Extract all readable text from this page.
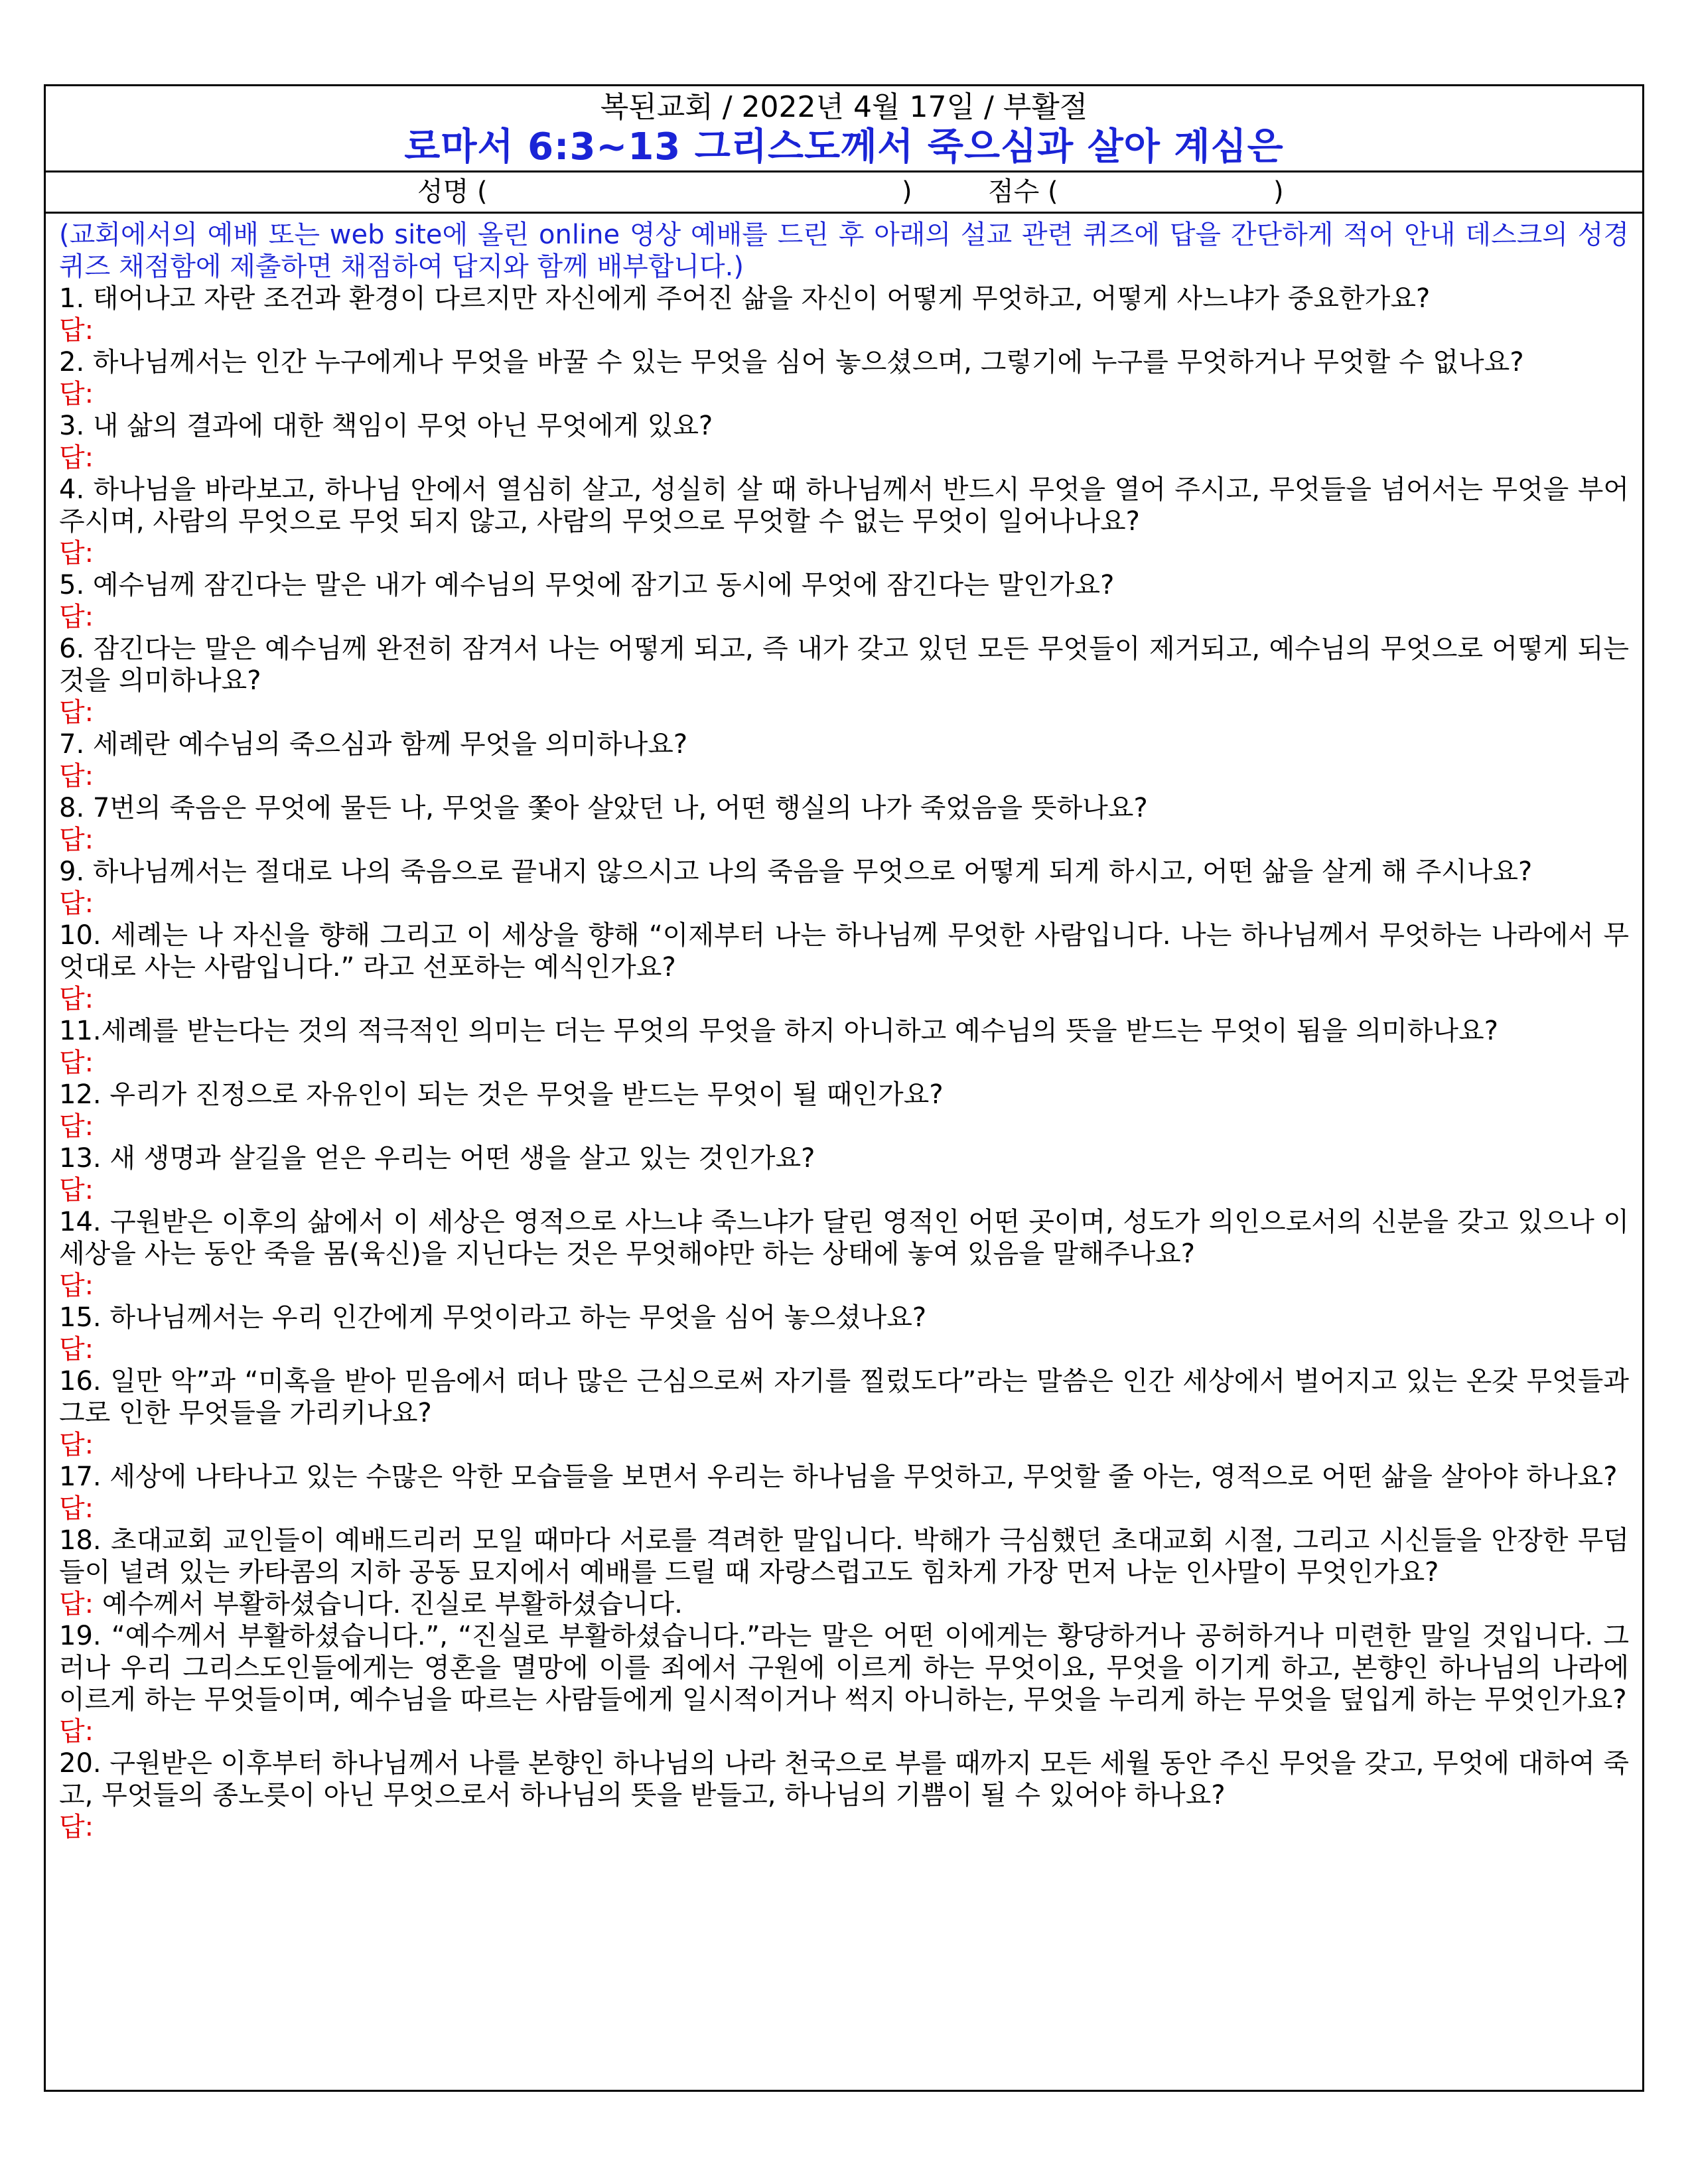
복된교회 / 2022년 4월 17일 / 부활절
로마서 6:3~13 그리스도께서 죽으심과 살아 계심은
성명 (	)	점수 (	)
(교회에서의 예배 또는 web site에 올린 online 영상 예배를 드린 후 아래의 설교 관련 퀴즈에 답을 간단하게 적어 안내 데스크의 성경 퀴즈 채점함에 제출하면 채점하여 답지와 함께 배부합니다.)
1. 태어나고 자란 조건과 환경이 다르지만 자신에게 주어진 삶을 자신이 어떻게 무엇하고, 어떻게 사느냐가 중요한가요?
답:
2. 하나님께서는 인간 누구에게나 무엇을 바꿀 수 있는 무엇을 심어 놓으셨으며, 그렇기에 누구를 무엇하거나 무엇할 수 없나요?
답:
3. 내 삶의 결과에 대한 책임이 무엇 아닌 무엇에게 있요?
답:
4. 하나님을 바라보고, 하나님 안에서 열심히 살고, 성실히 살 때 하나님께서 반드시 무엇을 열어 주시고, 무엇들을 넘어서는 무엇을 부어 주시며, 사람의 무엇으로 무엇 되지 않고, 사람의 무엇으로 무엇할 수 없는 무엇이 일어나나요?
답:
5. 예수님께 잠긴다는 말은 내가 예수님의 무엇에 잠기고 동시에 무엇에 잠긴다는 말인가요?
답:
6. 잠긴다는 말은 예수님께 완전히 잠겨서 나는 어떻게 되고, 즉 내가 갖고 있던 모든 무엇들이 제거되고, 예수님의 무엇으로 어떻게 되는 것을 의미하나요?
답:
7. 세례란 예수님의 죽으심과 함께 무엇을 의미하나요?
답:
8. 7번의 죽음은 무엇에 물든 나, 무엇을 쫓아 살았던 나, 어떤 행실의 나가 죽었음을 뜻하나요?
답:
9. 하나님께서는 절대로 나의 죽음으로 끝내지 않으시고 나의 죽음을 무엇으로 어떻게 되게 하시고, 어떤 삶을 살게 해 주시나요?
답:
10. 세례는 나 자신을 향해 그리고 이 세상을 향해 “이제부터 나는 하나님께 무엇한 사람입니다. 나는 하나님께서 무엇하는 나라에서 무엇대로 사는 사람입니다.” 라고 선포하는 예식인가요?
답:
11.세례를 받는다는 것의 적극적인 의미는 더는 무엇의 무엇을 하지 아니하고 예수님의 뜻을 받드는 무엇이 됨을 의미하나요?
답:
12. 우리가 진정으로 자유인이 되는 것은 무엇을 받드는 무엇이 될 때인가요?
답:
13. 새 생명과 살길을 얻은 우리는 어떤 생을 살고 있는 것인가요?
답:
14. 구원받은 이후의 삶에서 이 세상은 영적으로 사느냐 죽느냐가 달린 영적인 어떤 곳이며, 성도가 의인으로서의 신분을 갖고 있으나 이 세상을 사는 동안 죽을 몸(육신)을 지닌다는 것은 무엇해야만 하는 상태에 놓여 있음을 말해주나요?
답:
15. 하나님께서는 우리 인간에게 무엇이라고 하는 무엇을 심어 놓으셨나요?
답:
16. 일만 악”과 “미혹을 받아 믿음에서 떠나 많은 근심으로써 자기를 찔렀도다”라는 말씀은 인간 세상에서 벌어지고 있는 온갖 무엇들과 그로 인한 무엇들을 가리키나요?
답:
17. 세상에 나타나고 있는 수많은 악한 모습들을 보면서 우리는 하나님을 무엇하고, 무엇할 줄 아는, 영적으로 어떤 삶을 살아야 하나요?
답:
18. 초대교회 교인들이 예배드리러 모일 때마다 서로를 격려한 말입니다. 박해가 극심했던 초대교회 시절, 그리고 시신들을 안장한 무덤들이 널려 있는 카타콤의 지하 공동 묘지에서 예배를 드릴 때 자랑스럽고도 힘차게 가장 먼저 나눈 인사말이 무엇인가요?
답: 예수께서 부활하셨습니다. 진실로 부활하셨습니다.
19. “예수께서 부활하셨습니다.”, “진실로 부활하셨습니다.”라는 말은 어떤 이에게는 황당하거나 공허하거나 미련한 말일 것입니다. 그러나 우리 그리스도인들에게는 영혼을 멸망에 이를 죄에서 구원에 이르게 하는 무엇이요, 무엇을 이기게 하고, 본향인 하나님의 나라에 이르게 하는 무엇들이며, 예수님을 따르는 사람들에게 일시적이거나 썩지 아니하는, 무엇을 누리게 하는 무엇을 덮입게 하는 무엇인가요?
답:
20. 구원받은 이후부터 하나님께서 나를 본향인 하나님의 나라 천국으로 부를 때까지 모든 세월 동안 주신 무엇을 갖고, 무엇에 대하여 죽고, 무엇들의 종노릇이 아닌 무엇으로서 하나님의 뜻을 받들고, 하나님의 기쁨이 될 수 있어야 하나요?
답:
